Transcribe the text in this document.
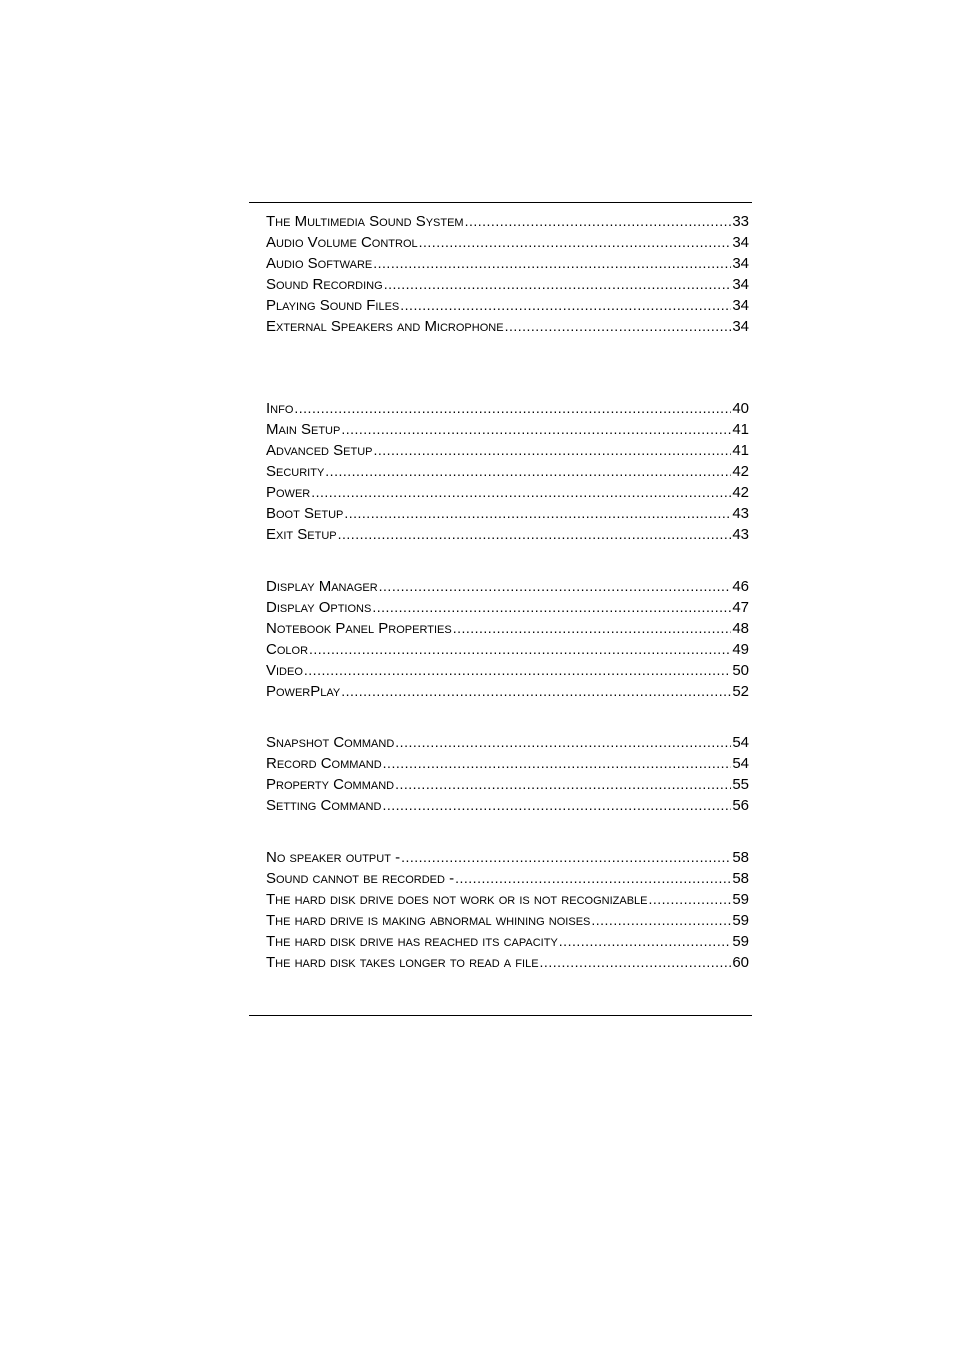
The Multimedia Sound System .....	33
Audio Volume Control .....	34
Audio Software .....	34
Sound Recording .....	34
Playing Sound Files .....	34
External Speakers and Microphone .....	34
Info .....	40
Main Setup .....	41
Advanced Setup .....	41
Security .....	42
Power .....	42
Boot Setup .....	43
Exit Setup .....	43
Display Manager .....	46
Display Options .....	47
Notebook Panel Properties .....	48
Color .....	49
Video .....	50
PowerPlay .....	52
Snapshot Command .....	54
Record Command .....	54
Property Command .....	55
Setting Command .....	56
No speaker output - .....	58
Sound cannot be recorded - .....	58
The hard disk drive does not work or is not recognizable .....	59
The hard drive is making abnormal whining noises .....	59
The hard disk drive has reached its capacity .....	59
The hard disk takes longer to read a file .....	60
